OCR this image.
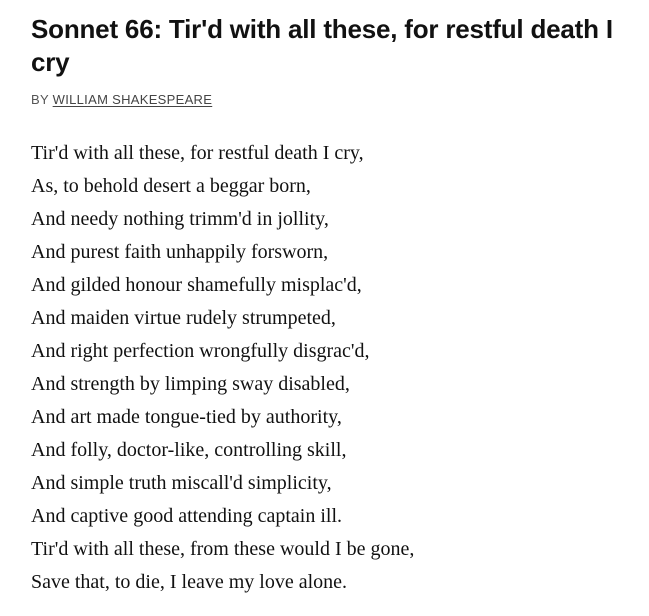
Sonnet 66: Tir'd with all these, for restful death I cry
BY WILLIAM SHAKESPEARE
Tir'd with all these, for restful death I cry,
As, to behold desert a beggar born,
And needy nothing trimm'd in jollity,
And purest faith unhappily forsworn,
And gilded honour shamefully misplac'd,
And maiden virtue rudely strumpeted,
And right perfection wrongfully disgrac'd,
And strength by limping sway disabled,
And art made tongue-tied by authority,
And folly, doctor-like, controlling skill,
And simple truth miscall'd simplicity,
And captive good attending captain ill.
Tir'd with all these, from these would I be gone,
Save that, to die, I leave my love alone.
